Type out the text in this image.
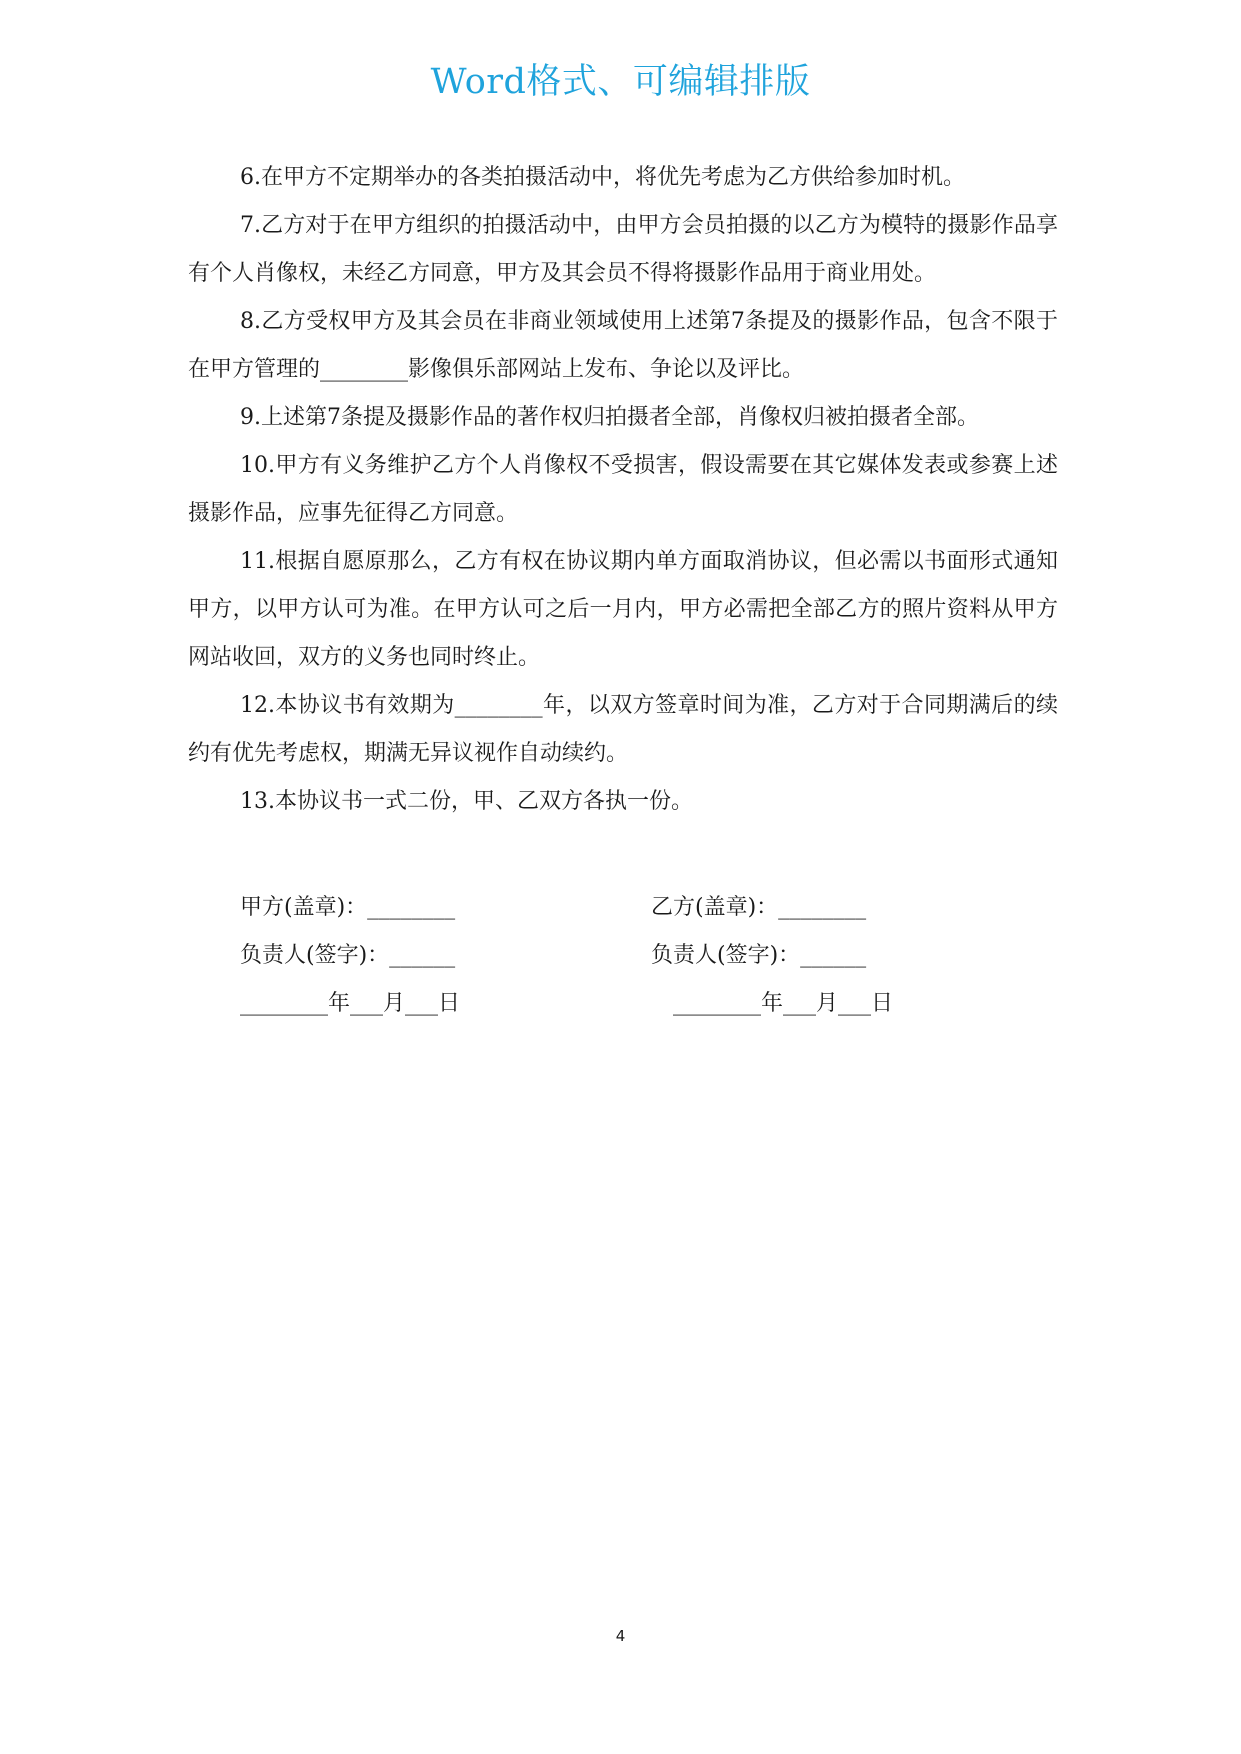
Word格式、可编辑排版

6.在甲方不定期举办的各类拍摄活动中，将优先考虑为乙方供给参加时机。

7.乙方对于在甲方组织的拍摄活动中，由甲方会员拍摄的以乙方为模特的摄影作品享有个人肖像权，未经乙方同意，甲方及其会员不得将摄影作品用于商业用处。

8.乙方受权甲方及其会员在非商业领域使用上述第7条提及的摄影作品，包含不限于在甲方管理的________影像俱乐部网站上发布、争论以及评比。

9.上述第7条提及摄影作品的著作权归拍摄者全部，肖像权归被拍摄者全部。

10.甲方有义务维护乙方个人肖像权不受损害，假设需要在其它媒体发表或参赛上述摄影作品，应事先征得乙方同意。

11.根据自愿原那么，乙方有权在协议期内单方面取消协议，但必需以书面形式通知甲方，以甲方认可为准。在甲方认可之后一月内，甲方必需把全部乙方的照片资料从甲方网站收回，双方的义务也同时终止。

12.本协议书有效期为________年，以双方签章时间为准，乙方对于合同期满后的续约有优先考虑权，期满无异议视作自动续约。

13.本协议书一式二份，甲、乙双方各执一份。

甲方(盖章)：________	乙方(盖章)：________
负责人(签字)：______	负责人(签字)：______
________年___月___日	________年___月___日
4
